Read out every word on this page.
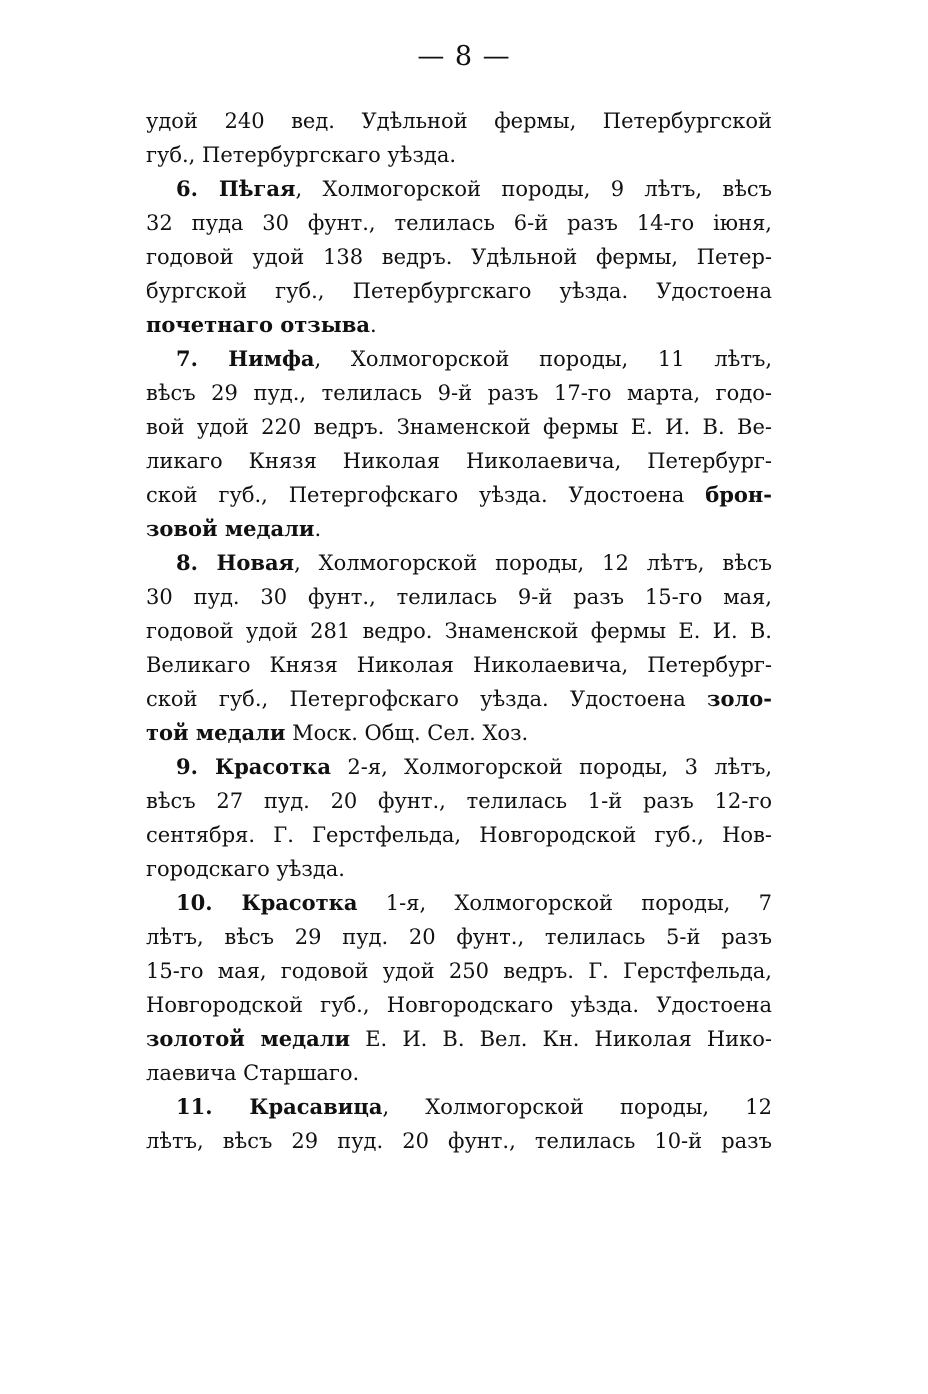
— 8 —
удой 240 вед. Удѣльной фермы, Петербургской
губ., Петербургскаго уѣзда.
6. Пѣгая, Холмогорской породы, 9 лѣтъ, вѣсъ
32 пуда 30 фунт., телилась 6-й разъ 14-го іюня,
годовой удой 138 ведръ. Удѣльной фермы, Петер-
бургской губ., Петербургскаго уѣзда. Удостоена
почетнаго отзыва.
7. Нимфа, Холмогорской породы, 11 лѣтъ,
вѣсъ 29 пуд., телилась 9-й разъ 17-го марта, годо-
вой удой 220 ведръ. Знаменской фермы Е. И. В. Ве-
ликаго Князя Николая Николаевича, Петербург-
ской губ., Петергофскаго уѣзда. Удостоена брон-
зовой медали.
8. Новая, Холмогорской породы, 12 лѣтъ, вѣсъ
30 пуд. 30 фунт., телилась 9-й разъ 15-го мая,
годовой удой 281 ведро. Знаменской фермы Е. И. В.
Великаго Князя Николая Николаевича, Петербург-
ской губ., Петергофскаго уѣзда. Удостоена золо-
той медали Моск. Общ. Сел. Хоз.
9. Красотка 2-я, Холмогорской породы, 3 лѣтъ,
вѣсъ 27 пуд. 20 фунт., телилась 1-й разъ 12-го
сентября. Г. Герстфельда, Новгородской губ., Нов-
городскаго уѣзда.
10. Красотка 1-я, Холмогорской породы, 7
лѣтъ, вѣсъ 29 пуд. 20 фунт., телилась 5-й разъ
15-го мая, годовой удой 250 ведръ. Г. Герстфельда,
Новгородской губ., Новгородскаго уѣзда. Удостоена
золотой медали Е. И. В. Вел. Кн. Николая Нико-
лаевича Старшаго.
11. Красавица, Холмогорской породы, 12
лѣтъ, вѣсъ 29 пуд. 20 фунт., телилась 10-й разъ
